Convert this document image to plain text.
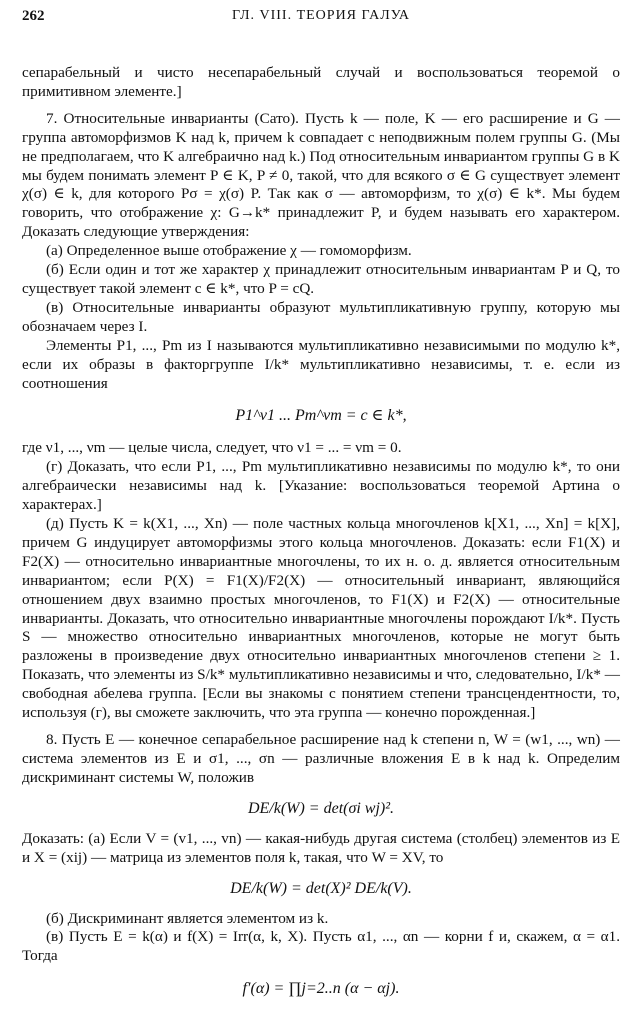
262	ГЛ. VIII. ТЕОРИЯ ГАЛУА

сепарабельный и чисто несепарабельный случай и воспользоваться теоремой о примитивном элементе.]

7. Относительные инварианты (Сато). Пусть k — поле, K — его расширение и G — группа автоморфизмов K над k, причем k совпадает с неподвижным полем группы G. (Мы не предполагаем, что K алгебраично над k.) Под относительным инвариантом группы G в K мы будем понимать элемент P ∈ K, P ≠ 0, такой, что для всякого σ ∈ G существует элемент χ(σ) ∈ k, для которого Pσ = χ(σ) P. Так как σ — автоморфизм, то χ(σ) ∈ k*. Мы будем говорить, что отображение χ: G→k* принадлежит P, и будем называть его характером. Доказать следующие утверждения:

(а) Определенное выше отображение χ — гомоморфизм.

(б) Если один и тот же характер χ принадлежит относительным инвариантам P и Q, то существует такой элемент c ∈ k*, что P = cQ.

(в) Относительные инварианты образуют мультипликативную группу, которую мы обозначаем через I.

Элементы P1, ..., Pm из I называются мультипликативно независимыми по модулю k*, если их образы в факторгруппе I/k* мультипликативно независимы, т. е. если из соотношения

P1^ν1 ... Pm^νm = c ∈ k*,

где ν1, ..., νm — целые числа, следует, что ν1 = ... = νm = 0.

(г) Доказать, что если P1, ..., Pm мультипликативно независимы по модулю k*, то они алгебраически независимы над k. [Указание: воспользоваться теоремой Артина о характерах.]

(д) Пусть K = k(X1, ..., Xn) — поле частных кольца многочленов k[X1, ..., Xn] = k[X], причем G индуцирует автоморфизмы этого кольца многочленов. Доказать: если F1(X) и F2(X) — относительно инвариантные многочлены, то их н. о. д. является относительным инвариантом; если P(X) = F1(X)/F2(X) — относительный инвариант, являющийся отношением двух взаимно простых многочленов, то F1(X) и F2(X) — относительные инварианты. Доказать, что относительно инвариантные многочлены порождают I/k*. Пусть S — множество относительно инвариантных многочленов, которые не могут быть разложены в произведение двух относительно инвариантных многочленов степени ≥ 1. Показать, что элементы из S/k* мультипликативно независимы и что, следовательно, I/k* — свободная абелева группа. [Если вы знакомы с понятием степени трансцендентности, то, используя (г), вы сможете заключить, что эта группа — конечно порожденная.]

8. Пусть E — конечное сепарабельное расширение над k степени n, W = (w1, ..., wn) — система элементов из E и σ1, ..., σn — различные вложения E в k над k. Определим дискриминант системы W, положив

DE/k(W) = det(σi wj)².

Доказать: (а) Если V = (v1, ..., vn) — какая-нибудь другая система (столбец) элементов из E и X = (xij) — матрица из элементов поля k, такая, что W = XV, то

DE/k(W) = det(X)² DE/k(V).

(б) Дискриминант является элементом из k.

(в) Пусть E = k(α) и f(X) = Irr(α, k, X). Пусть α1, ..., αn — корни f и, скажем, α = α1. Тогда

f′(α) = ∏j=2..n (α − αj).
